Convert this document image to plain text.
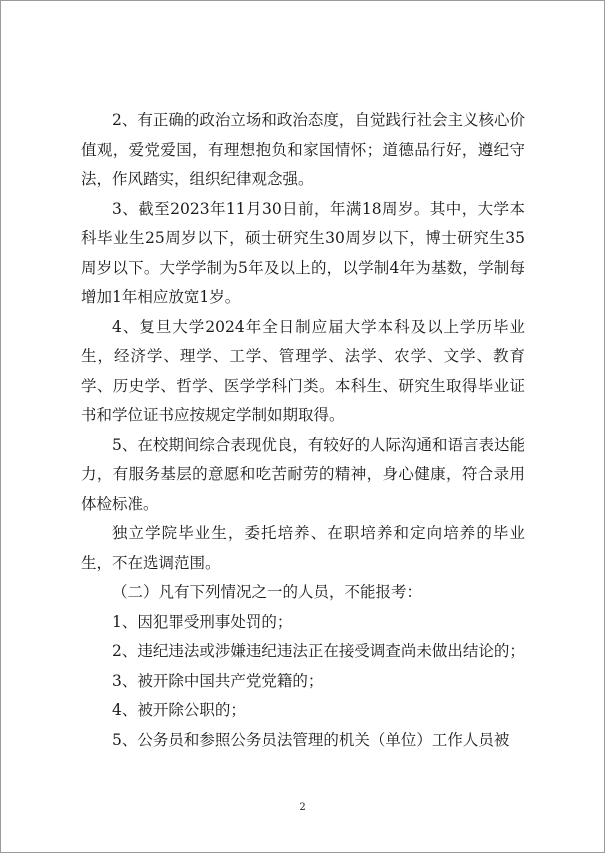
2、有正确的政治立场和政治态度，自觉践行社会主义核心价值观，爱党爱国，有理想抱负和家国情怀；道德品行好，遵纪守法，作风踏实，组织纪律观念强。

3、截至2023年11月30日前，年满18周岁。其中，大学本科毕业生25周岁以下，硕士研究生30周岁以下，博士研究生35周岁以下。大学学制为5年及以上的，以学制4年为基数，学制每增加1年相应放宽1岁。

4、复旦大学2024年全日制应届大学本科及以上学历毕业生，经济学、理学、工学、管理学、法学、农学、文学、教育学、历史学、哲学、医学学科门类。本科生、研究生取得毕业证书和学位证书应按规定学制如期取得。

5、在校期间综合表现优良，有较好的人际沟通和语言表达能力，有服务基层的意愿和吃苦耐劳的精神，身心健康，符合录用体检标准。

独立学院毕业生，委托培养、在职培养和定向培养的毕业生，不在选调范围。

（二）凡有下列情况之一的人员，不能报考：

1、因犯罪受刑事处罚的；

2、违纪违法或涉嫌违纪违法正在接受调查尚未做出结论的；

3、被开除中国共产党党籍的；

4、被开除公职的；

5、公务员和参照公务员法管理的机关（单位）工作人员被

2
